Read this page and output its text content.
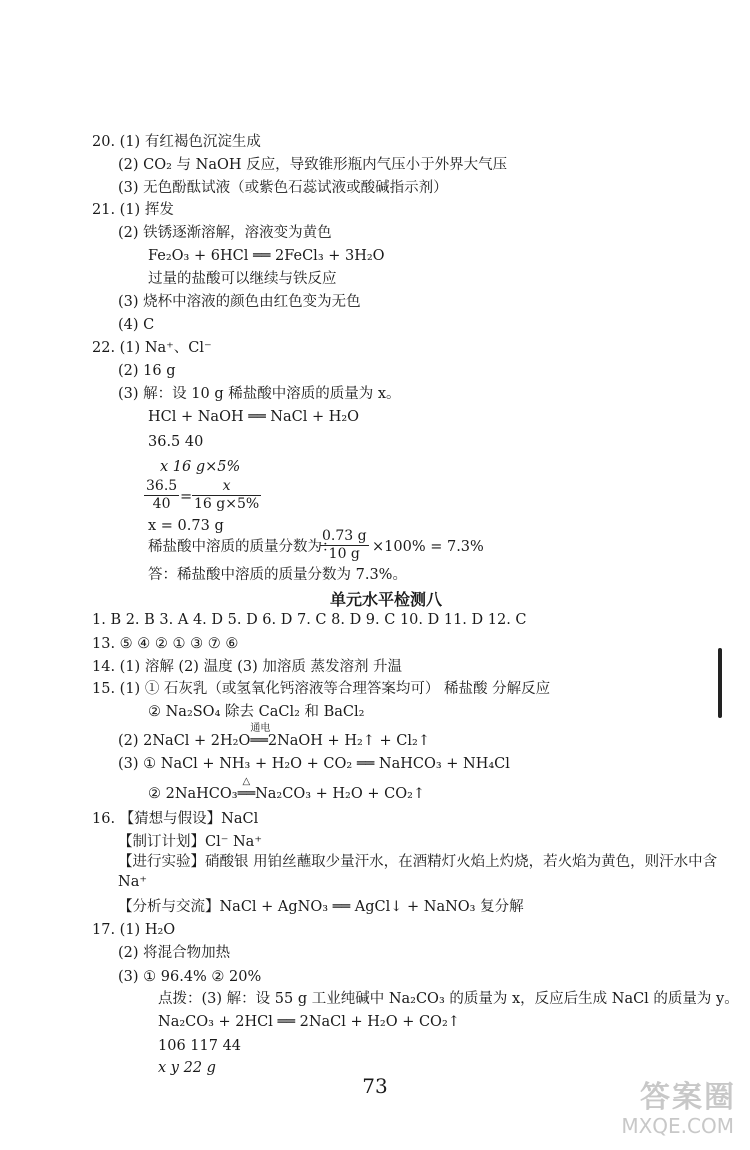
20. (1) 有红褐色沉淀生成
(2) CO₂ 与 NaOH 反应，导致锥形瓶内气压小于外界大气压
(3) 无色酚酞试液（或紫色石蕊试液或酸碱指示剂）
21. (1) 挥发
(2) 铁锈逐渐溶解，溶液变为黄色
Fe₂O₃ + 6HCl ══ 2FeCl₃ + 3H₂O
过量的盐酸可以继续与铁反应
(3) 烧杯中溶液的颜色由红色变为无色
(4) C
22. (1) Na⁺、Cl⁻
(2) 16 g
(3) 解：设 10 g 稀盐酸中溶质的质量为 x。
HCl + NaOH ══ NaCl + H₂O
36.5 40
x 16 g×5%
$\frac{36.5}{40} = \frac{x}{16 g\times 5\%}$
x = 0.73 g
稀盐酸中溶质的质量分数为：
$\frac{0.73 g}{10 g} \times 100\% = 7.3\%$
答：稀盐酸中溶质的质量分数为 7.3%。
单元水平检测八
1. B 2. B 3. A 4. D 5. D 6. D 7. C 8. D 9. C 10. D 11. D 12. C
13. ⑤ ④ ② ① ③ ⑦ ⑥
14. (1) 溶解 (2) 温度 (3) 加溶质 蒸发溶剂 升温
15. (1) ① 石灰乳（或氢氧化钙溶液等合理答案均可） 稀盐酸 分解反应
② Na₂SO₄ 除去 CaCl₂ 和 BaCl₂
(2) 2NaCl + 2H₂O
通电
══2NaOH + H₂↑ + Cl₂↑
(3) ① NaCl + NH₃ + H₂O + CO₂ ══ NaHCO₃ + NH₄Cl
② 2NaHCO₃
△
══Na₂CO₃ + H₂O + CO₂↑
16. 【猜想与假设】NaCl
【制订计划】Cl⁻ Na⁺
【进行实验】硝酸银 用铂丝蘸取少量汗水，在酒精灯火焰上灼烧，若火焰为黄色，则汗水中含
Na⁺
【分析与交流】NaCl + AgNO₃ ══ AgCl↓ + NaNO₃ 复分解
17. (1) H₂O
(2) 将混合物加热
(3) ① 96.4% ② 20%
点拨：(3) 解：设 55 g 工业纯碱中 Na₂CO₃ 的质量为 x，反应后生成 NaCl 的质量为 y。
Na₂CO₃ + 2HCl ══ 2NaCl + H₂O + CO₂↑
106 117 44
x y 22 g
73	答案圈
MXQE.COM
